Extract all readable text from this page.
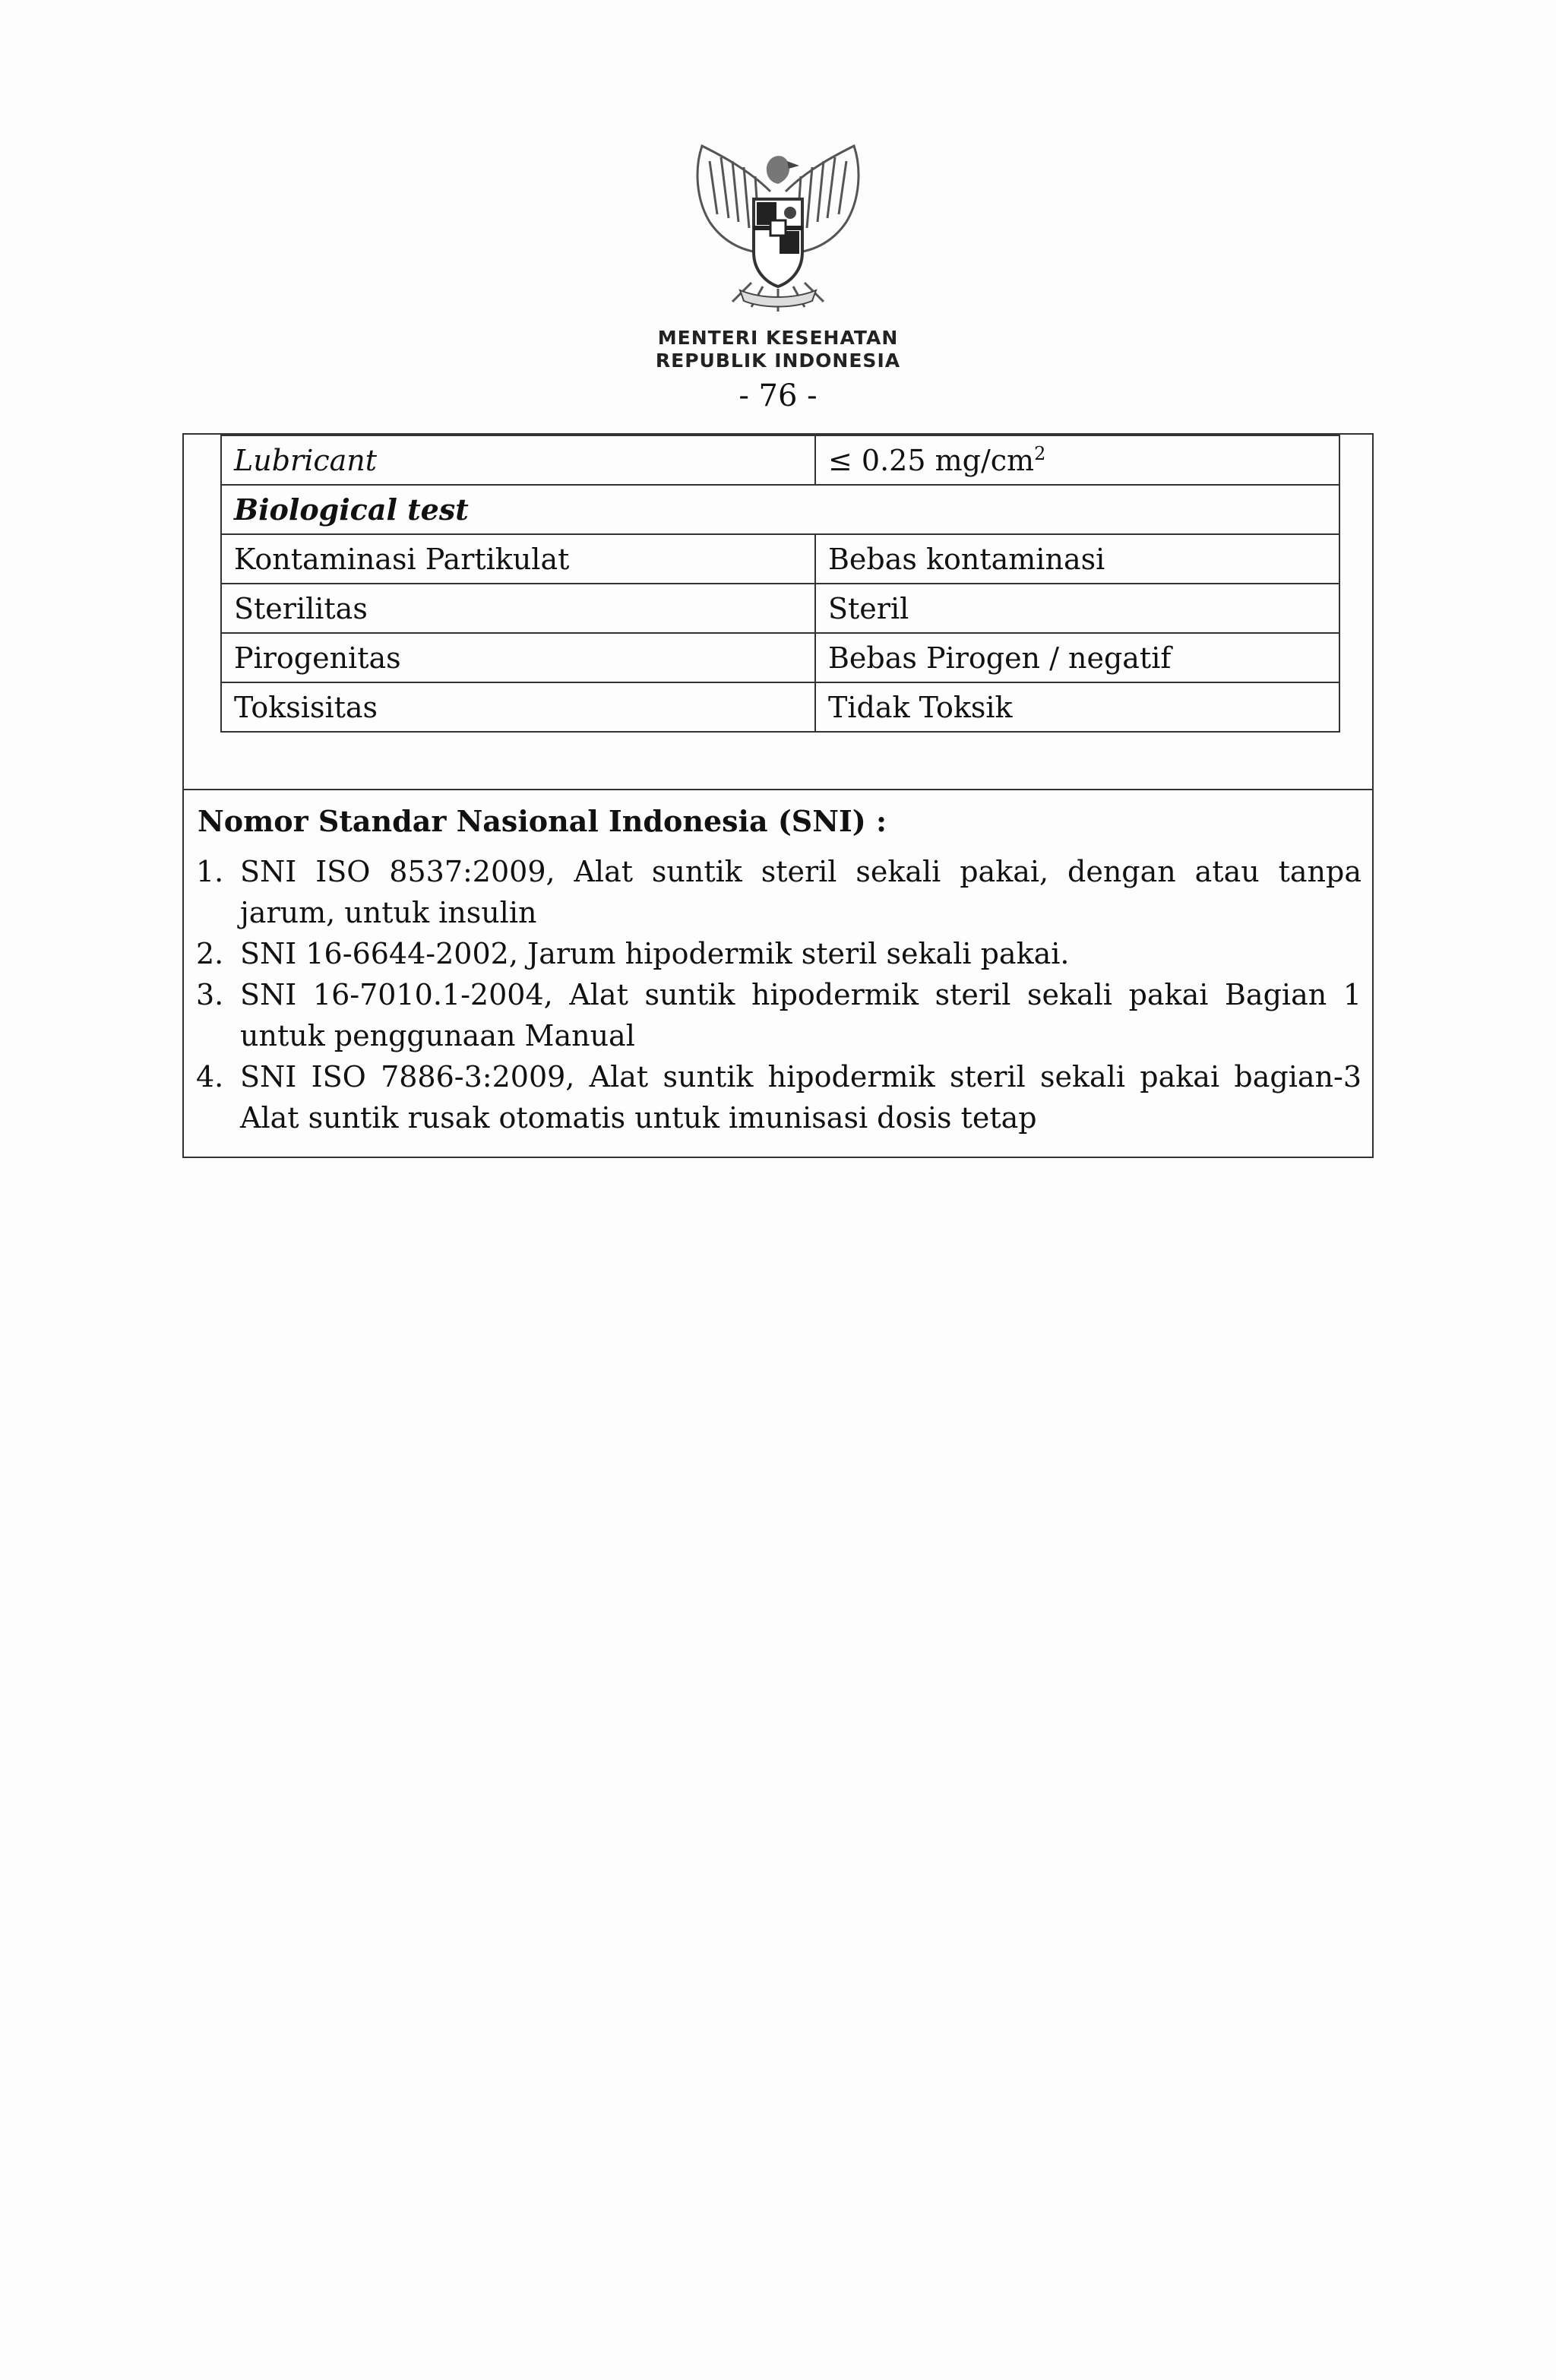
MENTERI KESEHATAN
REPUBLIK INDONESIA
- 76 -
Lubricant	≤ 0.25 $mg/cm^2$
Biological test	
Kontaminasi Partikulat	Bebas kontaminasi
Sterilitas	Steril
Pirogenitas	Bebas Pirogen / negatif
Toksisitas	Tidak Toksik
Nomor Standar Nasional Indonesia (SNI) :
1. SNI ISO 8537:2009, Alat suntik steril sekali pakai, dengan atau tanpa jarum, untuk insulin
2. SNI 16-6644-2002, Jarum hipodermik steril sekali pakai.
3. SNI 16-7010.1-2004, Alat suntik hipodermik steril sekali pakai Bagian 1 untuk penggunaan Manual
4. SNI ISO 7886-3:2009, Alat suntik hipodermik steril sekali pakai bagian-3 Alat suntik rusak otomatis untuk imunisasi dosis tetap
